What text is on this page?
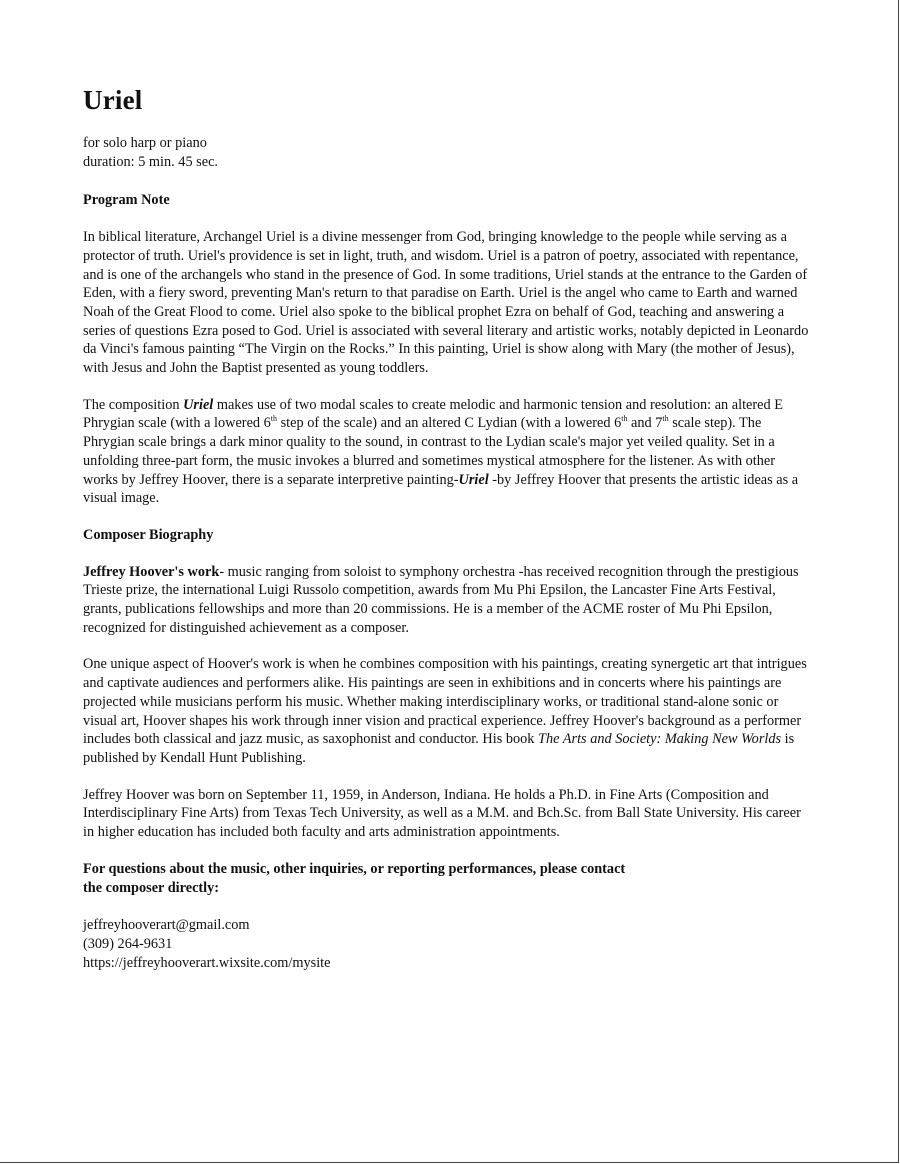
Uriel

for solo harp or piano

duration: 5 min. 45 sec.

Program Note

In biblical literature, Archangel Uriel is a divine messenger from God, bringing knowledge to the people while serving as a protector of truth. Uriel's providence is set in light, truth, and wisdom. Uriel is a patron of poetry, associated with repentance, and is one of the archangels who stand in the presence of God. In some traditions, Uriel stands at the entrance to the Garden of Eden, with a fiery sword, preventing Man's return to that paradise on Earth. Uriel is the angel who came to Earth and warned Noah of the Great Flood to come. Uriel also spoke to the biblical prophet Ezra on behalf of God, teaching and answering a series of questions Ezra posed to God. Uriel is associated with several literary and artistic works, notably depicted in Leonardo da Vinci's famous painting “The Virgin on the Rocks.” In this painting, Uriel is show along with Mary (the mother of Jesus), with Jesus and John the Baptist presented as young toddlers.

The composition Uriel makes use of two modal scales to create melodic and harmonic tension and resolution: an altered E Phrygian scale (with a lowered 6th step of the scale) and an altered C Lydian (with a lowered 6th and 7th scale step). The Phrygian scale brings a dark minor quality to the sound, in contrast to the Lydian scale's major yet veiled quality. Set in a unfolding three-part form, the music invokes a blurred and sometimes mystical atmosphere for the listener. As with other works by Jeffrey Hoover, there is a separate interpretive painting-Uriel -by Jeffrey Hoover that presents the artistic ideas as a visual image.

Composer Biography

Jeffrey Hoover's work- music ranging from soloist to symphony orchestra -has received recognition through the prestigious Trieste prize, the international Luigi Russolo competition, awards from Mu Phi Epsilon, the Lancaster Fine Arts Festival, grants, publications fellowships and more than 20 commissions. He is a member of the ACME roster of Mu Phi Epsilon, recognized for distinguished achievement as a composer.

One unique aspect of Hoover's work is when he combines composition with his paintings, creating synergetic art that intrigues and captivate audiences and performers alike. His paintings are seen in exhibitions and in concerts where his paintings are projected while musicians perform his music. Whether making interdisciplinary works, or traditional stand-alone sonic or visual art, Hoover shapes his work through inner vision and practical experience. Jeffrey Hoover's background as a performer includes both classical and jazz music, as saxophonist and conductor. His book The Arts and Society: Making New Worlds is published by Kendall Hunt Publishing.

Jeffrey Hoover was born on September 11, 1959, in Anderson, Indiana. He holds a Ph.D. in Fine Arts (Composition and Interdisciplinary Fine Arts) from Texas Tech University, as well as a M.M. and Bch.Sc. from Ball State University. His career in higher education has included both faculty and arts administration appointments.

For questions about the music, other inquiries, or reporting performances, please contact
the composer directly:

jeffreyhooverart@gmail.com

(309) 264-9631

https://jeffreyhooverart.wixsite.com/mysite
